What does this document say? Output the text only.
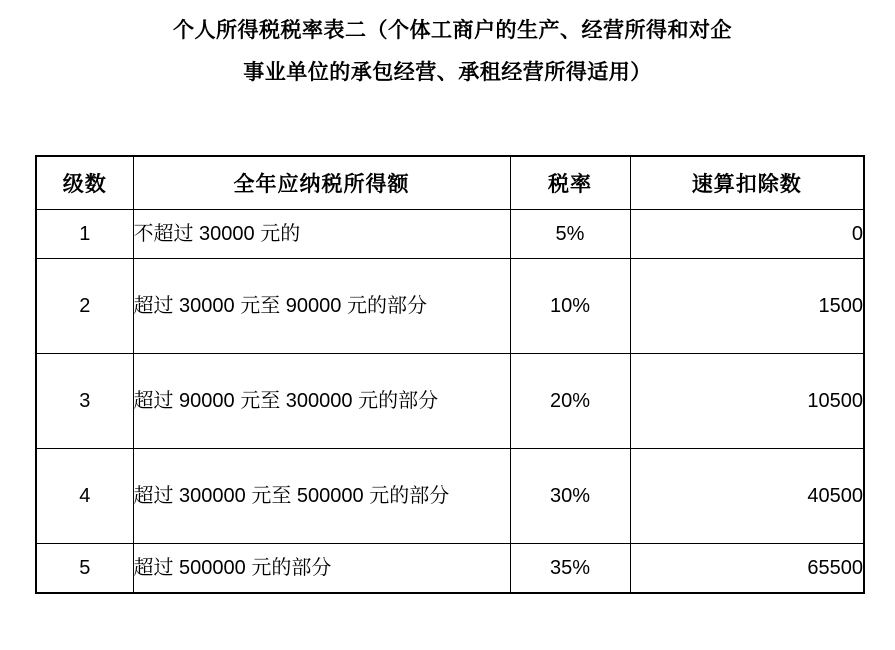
个人所得税税率表二（个体工商户的生产、经营所得和对企
事业单位的承包经营、承租经营所得适用）
级数	全年应纳税所得额	税率	速算扣除数
1	不超过 30000 元的	5%	0
2	超过 30000 元至 90000 元的部分	10%	1500
3	超过 90000 元至 300000 元的部分	20%	10500
4	超过 300000 元至 500000 元的部分	30%	40500
5	超过 500000 元的部分	35%	65500
